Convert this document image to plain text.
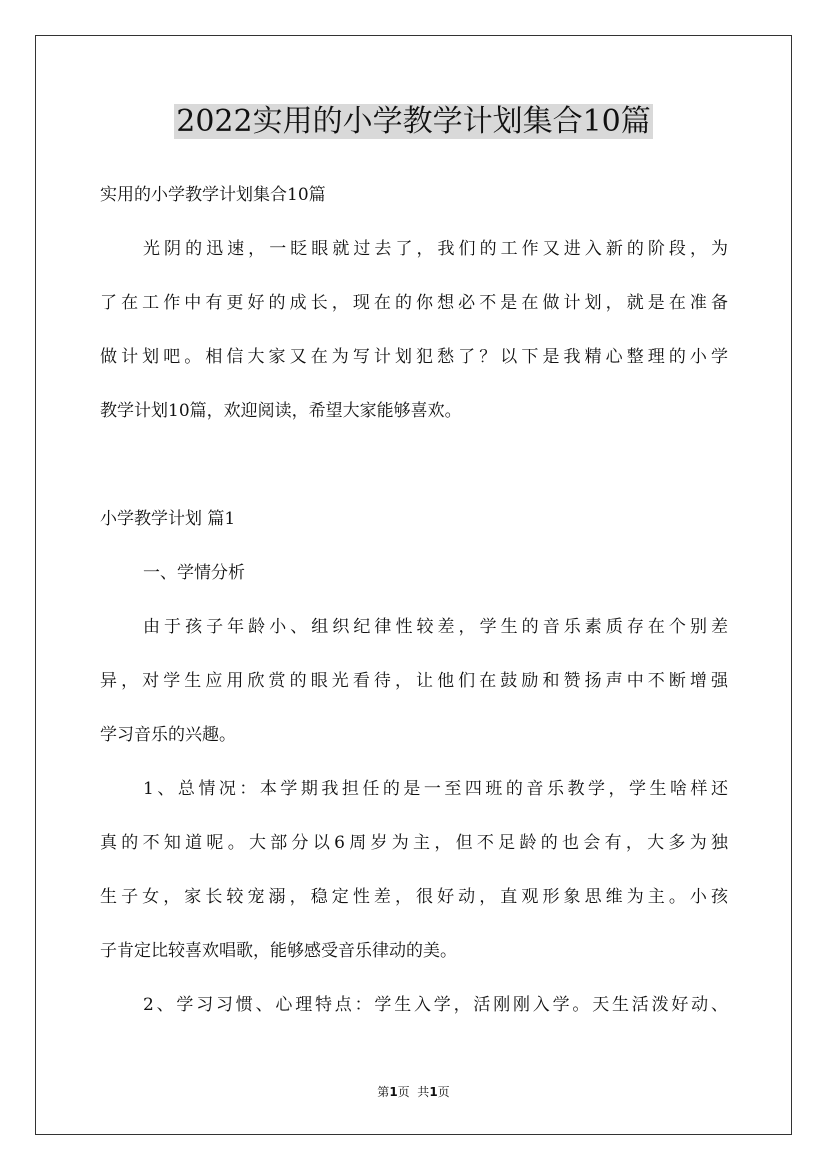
2022实用的小学教学计划集合10篇

实用的小学教学计划集合10篇

光阴的迅速，一眨眼就过去了，我们的工作又进入新的阶段，为

了在工作中有更好的成长，现在的你想必不是在做计划，就是在准备

做计划吧。相信大家又在为写计划犯愁了？以下是我精心整理的小学

教学计划10篇，欢迎阅读，希望大家能够喜欢。

小学教学计划 篇1

一、学情分析

由于孩子年龄小、组织纪律性较差，学生的音乐素质存在个别差

异，对学生应用欣赏的眼光看待，让他们在鼓励和赞扬声中不断增强

学习音乐的兴趣。

1、总情况：本学期我担任的是一至四班的音乐教学，学生啥样还

真的不知道呢。大部分以6周岁为主，但不足龄的也会有，大多为独

生子女，家长较宠溺，稳定性差，很好动，直观形象思维为主。小孩

子肯定比较喜欢唱歌，能够感受音乐律动的美。

2、学习习惯、心理特点：学生入学，活刚刚入学。天生活泼好动、

第1页  共1页
